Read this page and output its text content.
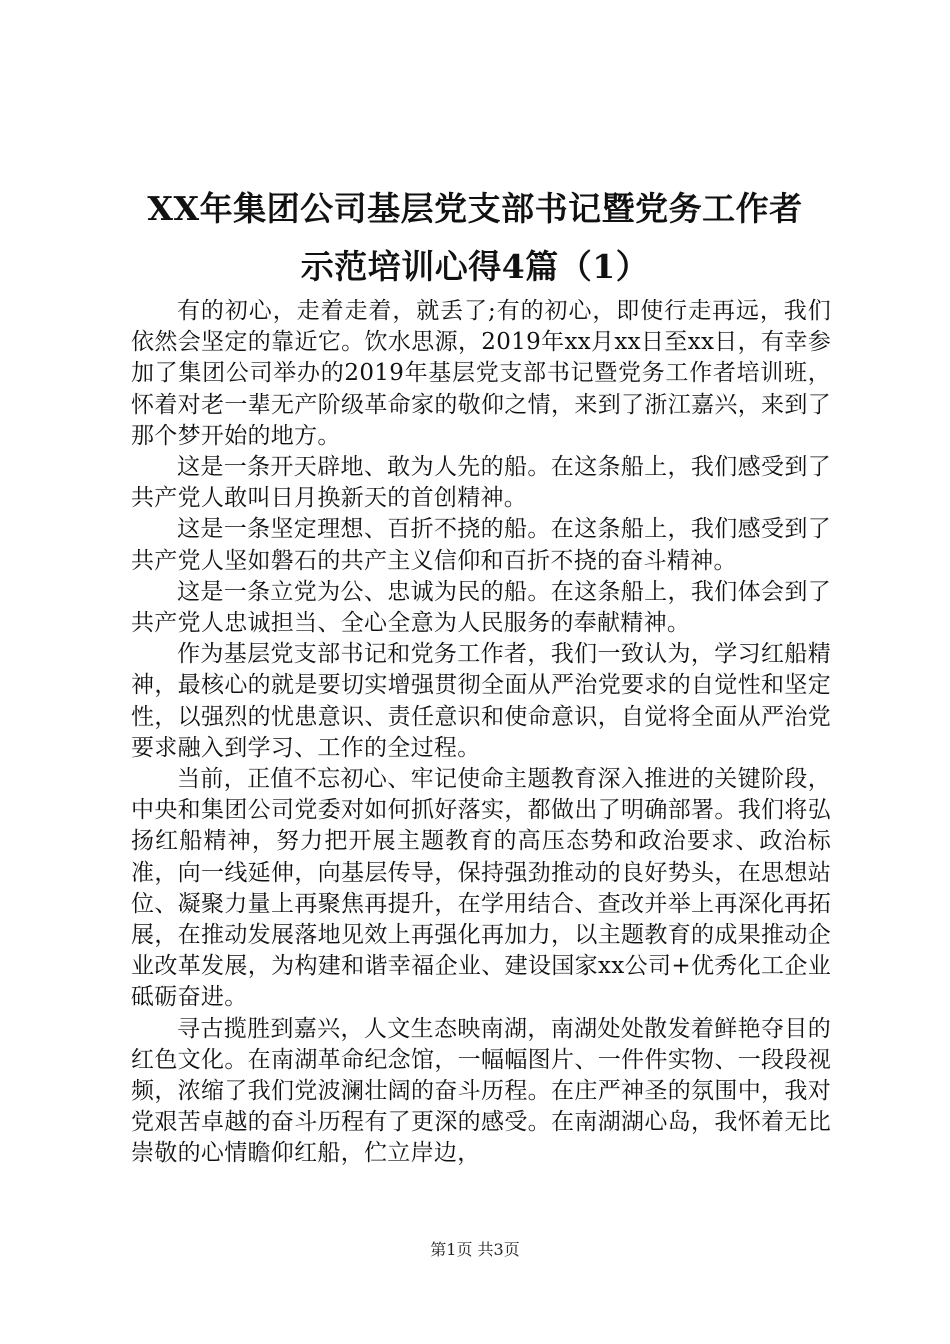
XX年集团公司基层党支部书记暨党务工作者
示范培训心得4篇（1）

有的初心，走着走着，就丢了;有的初心，即使行走再远，我们依然会坚定的靠近它。饮水思源，2019年xx月xx日至xx日，有幸参加了集团公司举办的2019年基层党支部书记暨党务工作者培训班，怀着对老一辈无产阶级革命家的敬仰之情，来到了浙江嘉兴，来到了那个梦开始的地方。

这是一条开天辟地、敢为人先的船。在这条船上，我们感受到了共产党人敢叫日月换新天的首创精神。

这是一条坚定理想、百折不挠的船。在这条船上，我们感受到了共产党人坚如磐石的共产主义信仰和百折不挠的奋斗精神。

这是一条立党为公、忠诚为民的船。在这条船上，我们体会到了共产党人忠诚担当、全心全意为人民服务的奉献精神。

作为基层党支部书记和党务工作者，我们一致认为，学习红船精神，最核心的就是要切实增强贯彻全面从严治党要求的自觉性和坚定性，以强烈的忧患意识、责任意识和使命意识，自觉将全面从严治党要求融入到学习、工作的全过程。

当前，正值不忘初心、牢记使命主题教育深入推进的关键阶段，中央和集团公司党委对如何抓好落实，都做出了明确部署。我们将弘扬红船精神，努力把开展主题教育的高压态势和政治要求、政治标准，向一线延伸，向基层传导，保持强劲推动的良好势头，在思想站位、凝聚力量上再聚焦再提升，在学用结合、查改并举上再深化再拓展，在推动发展落地见效上再强化再加力，以主题教育的成果推动企业改革发展，为构建和谐幸福企业、建设国家xx公司+优秀化工企业砥砺奋进。

寻古揽胜到嘉兴，人文生态映南湖，南湖处处散发着鲜艳夺目的红色文化。在南湖革命纪念馆，一幅幅图片、一件件实物、一段段视频，浓缩了我们党波澜壮阔的奋斗历程。在庄严神圣的氛围中，我对党艰苦卓越的奋斗历程有了更深的感受。在南湖湖心岛，我怀着无比崇敬的心情瞻仰红船，伫立岸边，

第1页 共3页
